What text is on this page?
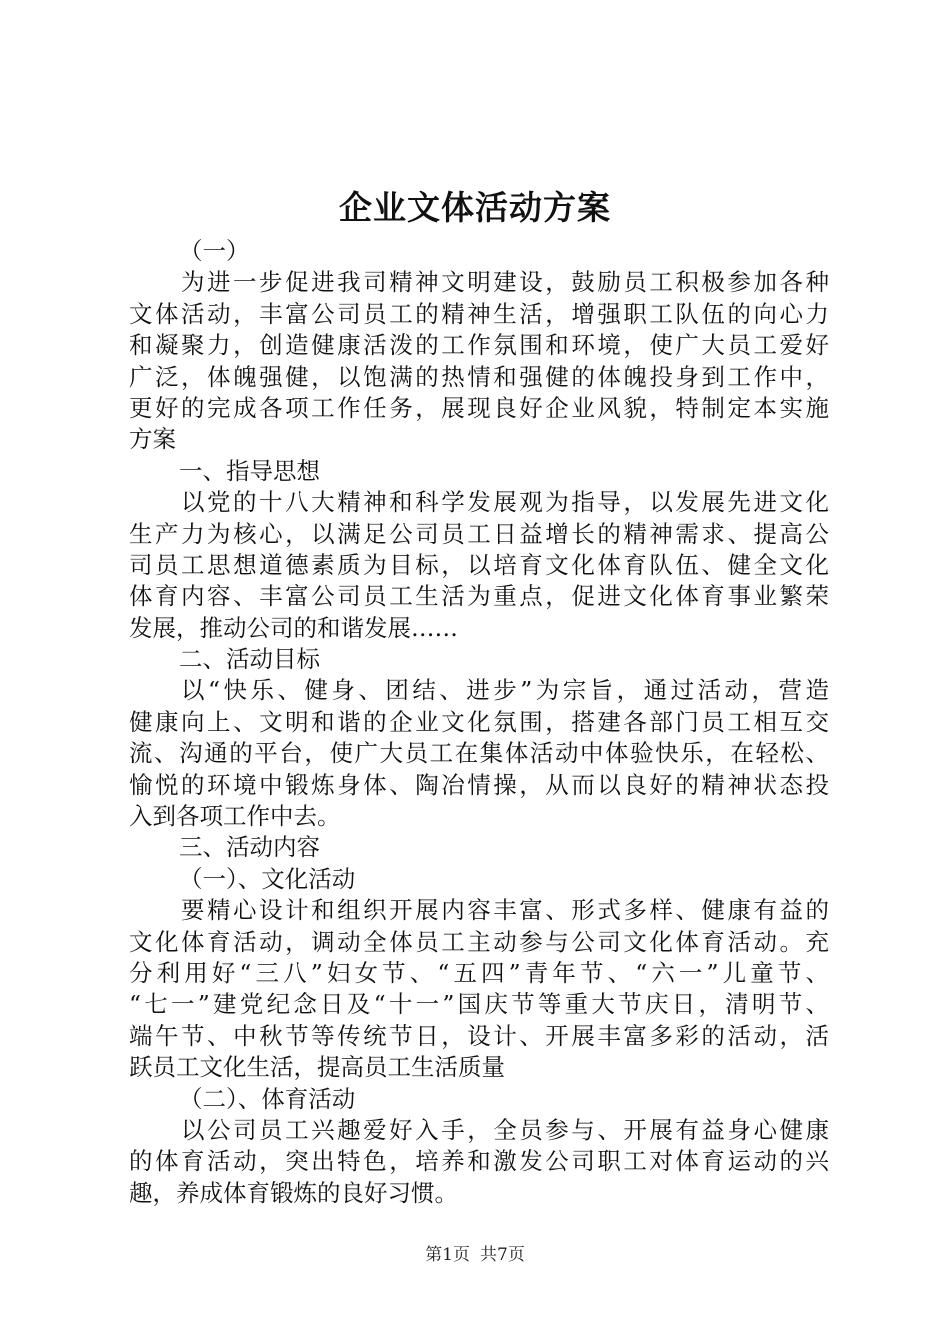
企业文体活动方案
（一）
为进一步促进我司精神文明建设，鼓励员工积极参加各种
文体活动，丰富公司员工的精神生活，增强职工队伍的向心力
和凝聚力，创造健康活泼的工作氛围和环境，使广大员工爱好
广泛，体魄强健，以饱满的热情和强健的体魄投身到工作中，
更好的完成各项工作任务，展现良好企业风貌，特制定本实施
方案
一、指导思想
以党的十八大精神和科学发展观为指导，以发展先进文化
生产力为核心，以满足公司员工日益增长的精神需求、提高公
司员工思想道德素质为目标，以培育文化体育队伍、健全文化
体育内容、丰富公司员工生活为重点，促进文化体育事业繁荣
发展，推动公司的和谐发展……
二、活动目标
以“快乐、健身、团结、进步”为宗旨，通过活动，营造
健康向上、文明和谐的企业文化氛围，搭建各部门员工相互交
流、沟通的平台，使广大员工在集体活动中体验快乐，在轻松、
愉悦的环境中锻炼身体、陶冶情操，从而以良好的精神状态投
入到各项工作中去。
三、活动内容
（一）、文化活动
要精心设计和组织开展内容丰富、形式多样、健康有益的
文化体育活动，调动全体员工主动参与公司文化体育活动。充
分利用好“三八”妇女节、“五四”青年节、“六一”儿童节、
“七一”建党纪念日及“十一”国庆节等重大节庆日，清明节、
端午节、中秋节等传统节日，设计、开展丰富多彩的活动，活
跃员工文化生活，提高员工生活质量
（二）、体育活动
以公司员工兴趣爱好入手，全员参与、开展有益身心健康
的体育活动，突出特色，培养和激发公司职工对体育运动的兴
趣，养成体育锻炼的良好习惯。
第1页 共7页
